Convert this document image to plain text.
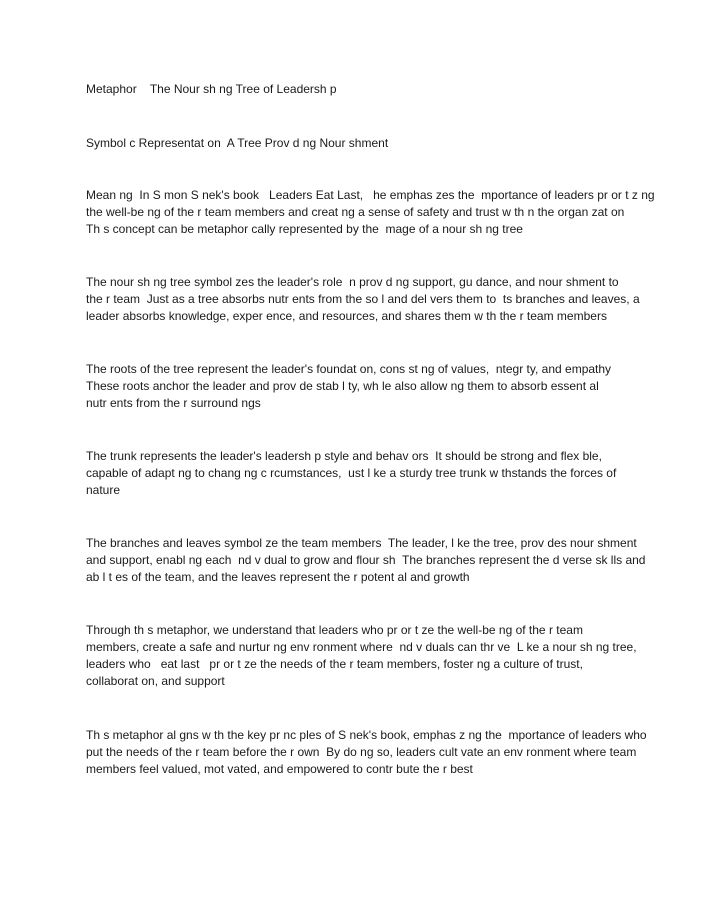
Metaphor    The Nour sh ng Tree of Leadersh p

Symbol c Representat on  A Tree Prov d ng Nour shment

Mean ng  In S mon S nek's book   Leaders Eat Last,   he emphas zes the  mportance of leaders pr or t z ng

the well-be ng of the r team members and creat ng a sense of safety and trust w th n the organ zat on

Th s concept can be metaphor cally represented by the  mage of a nour sh ng tree

The nour sh ng tree symbol zes the leader's role  n prov d ng support, gu dance, and nour shment to

the r team  Just as a tree absorbs nutr ents from the so l and del vers them to  ts branches and leaves, a

leader absorbs knowledge, exper ence, and resources, and shares them w th the r team members

The roots of the tree represent the leader's foundat on, cons st ng of values,  ntegr ty, and empathy

These roots anchor the leader and prov de stab l ty, wh le also allow ng them to absorb essent al

nutr ents from the r surround ngs

The trunk represents the leader's leadersh p style and behav ors  It should be strong and flex ble,

capable of adapt ng to chang ng c rcumstances,  ust l ke a sturdy tree trunk w thstands the forces of

nature

The branches and leaves symbol ze the team members  The leader, l ke the tree, prov des nour shment

and support, enabl ng each  nd v dual to grow and flour sh  The branches represent the d verse sk lls and

ab l t es of the team, and the leaves represent the r potent al and growth

Through th s metaphor, we understand that leaders who pr or t ze the well-be ng of the r team

members, create a safe and nurtur ng env ronment where  nd v duals can thr ve  L ke a nour sh ng tree,

leaders who   eat last   pr or t ze the needs of the r team members, foster ng a culture of trust,

collaborat on, and support

Th s metaphor al gns w th the key pr nc ples of S nek's book, emphas z ng the  mportance of leaders who

put the needs of the r team before the r own  By do ng so, leaders cult vate an env ronment where team

members feel valued, mot vated, and empowered to contr bute the r best
